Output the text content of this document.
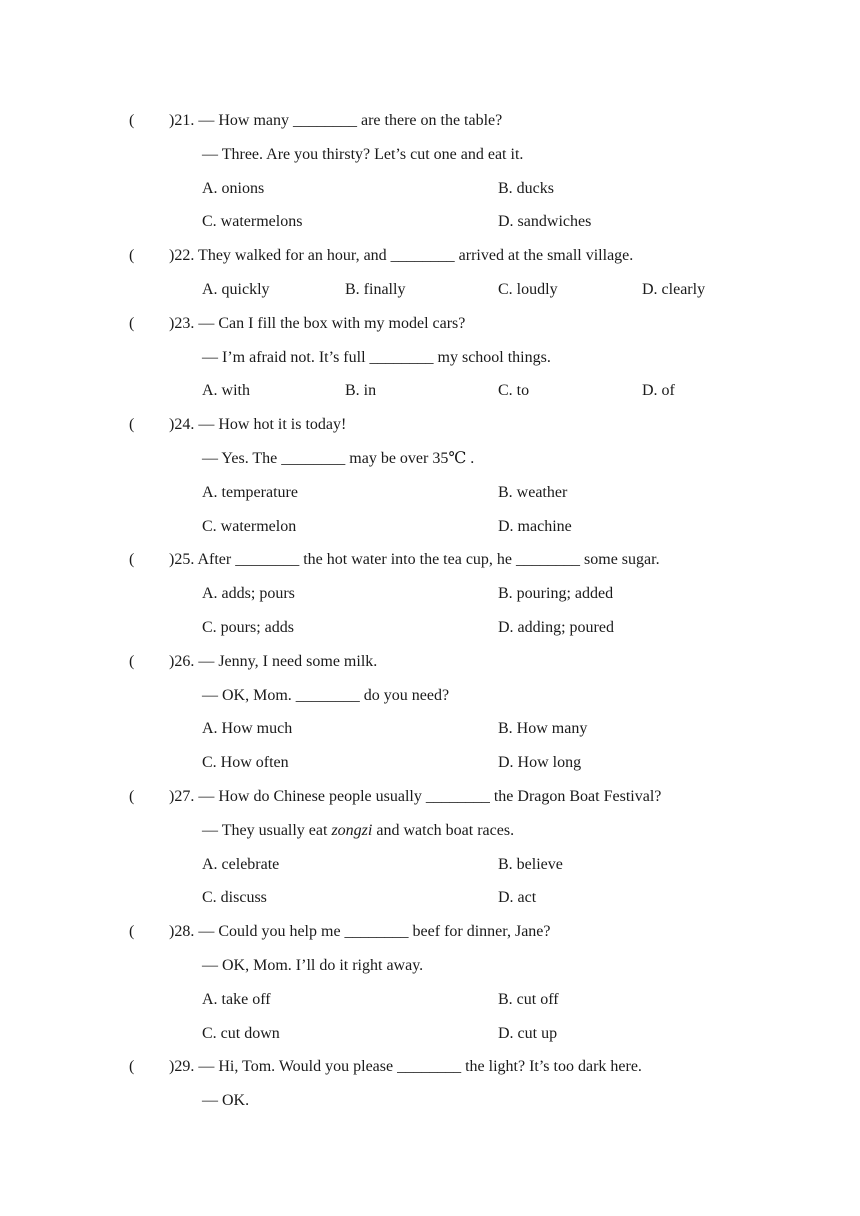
( )21. — How many ________ are there on the table?
— Three. Are you thirsty? Let’s cut one and eat it.
A. onions	B. ducks
C. watermelons	D. sandwiches
( )22. They walked for an hour, and ________ arrived at the small village.
A. quickly	B. finally	C. loudly	D. clearly
( )23. — Can I fill the box with my model cars?
— I’m afraid not. It’s full ________ my school things.
A. with	B. in	C. to	D. of
( )24. — How hot it is today!
— Yes. The ________ may be over 35℃ .
A. temperature	B. weather
C. watermelon	D. machine
( )25. After ________ the hot water into the tea cup, he ________ some sugar.
A. adds; pours	B. pouring; added
C. pours; adds	D. adding; poured
( )26. — Jenny, I need some milk.
— OK, Mom. ________ do you need?
A. How much	B. How many
C. How often	D. How long
( )27. — How do Chinese people usually ________ the Dragon Boat Festival?
— They usually eat zongzi and watch boat races.
A. celebrate	B. believe
C. discuss	D. act
( )28. — Could you help me ________ beef for dinner, Jane?
— OK, Mom. I’ll do it right away.
A. take off	B. cut off
C. cut down	D. cut up
( )29. — Hi, Tom. Would you please ________ the light? It’s too dark here.
— OK.
